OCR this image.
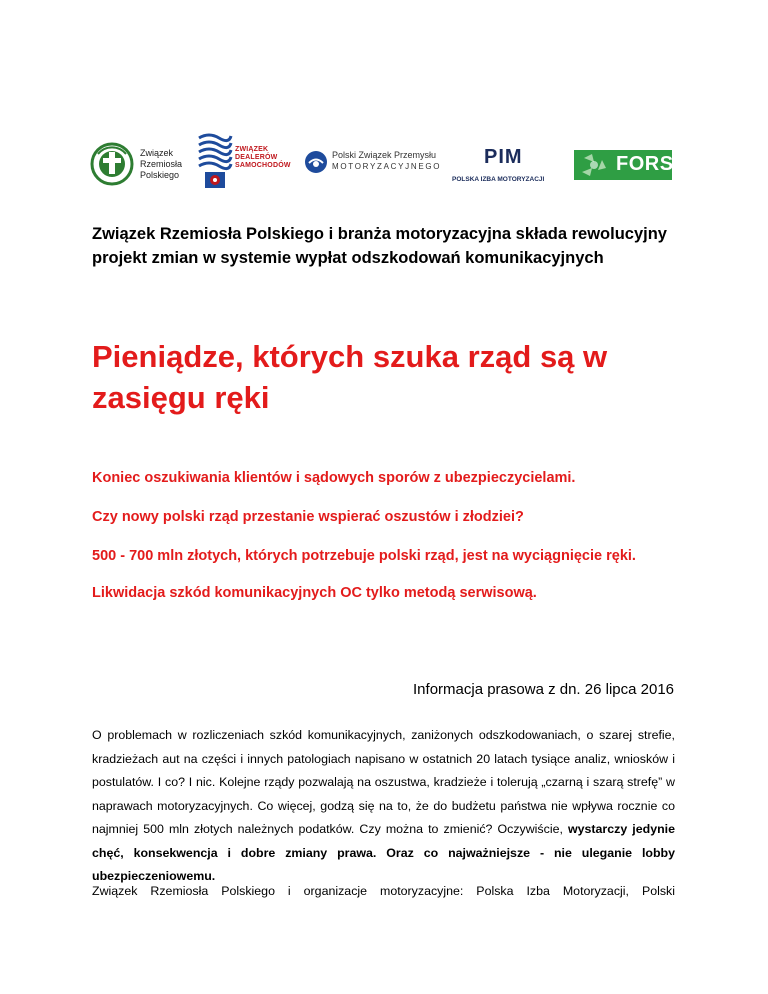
Związek
Rzemiosła
Polskiego
ZWIĄZEK
DEALERÓW
SAMOCHODÓW
Polski Związek Przemysłu
MOTORYZACYJNEGO PIM
POLSKA IZBA MOTORYZACJI
FORS
Związek Rzemiosła Polskiego i branża motoryzacyjna składa rewolucyjny projekt zmian w systemie wypłat odszkodowań komunikacyjnych
Pieniądze, których szuka rząd są w zasięgu ręki

Koniec oszukiwania klientów i sądowych sporów z ubezpieczycielami.

Czy nowy polski rząd przestanie wspierać oszustów i złodziei?

500 - 700 mln złotych, których potrzebuje polski rząd, jest na wyciągnięcie ręki.

Likwidacja szkód komunikacyjnych OC tylko metodą serwisową.

Informacja prasowa z dn. 26 lipca 2016

O problemach w rozliczeniach szkód komunikacyjnych, zaniżonych odszkodowaniach, o szarej strefie, kradzieżach aut na części i innych patologiach napisano w ostatnich 20 latach tysiące analiz, wniosków i postulatów. I co? I nic. Kolejne rządy pozwalają na oszustwa, kradzieże i tolerują „czarną i szarą strefę” w naprawach motoryzacyjnych. Co więcej, godzą się na to, że do budżetu państwa nie wpływa rocznie co najmniej 500 mln złotych należnych podatków. Czy można to zmienić? Oczywiście, wystarczy jedynie chęć, konsekwencja i dobre zmiany prawa. Oraz co najważniejsze - nie uleganie lobby ubezpieczeniowemu.

Związek Rzemiosła Polskiego i organizacje motoryzacyjne: Polska Izba Motoryzacji, Polski
